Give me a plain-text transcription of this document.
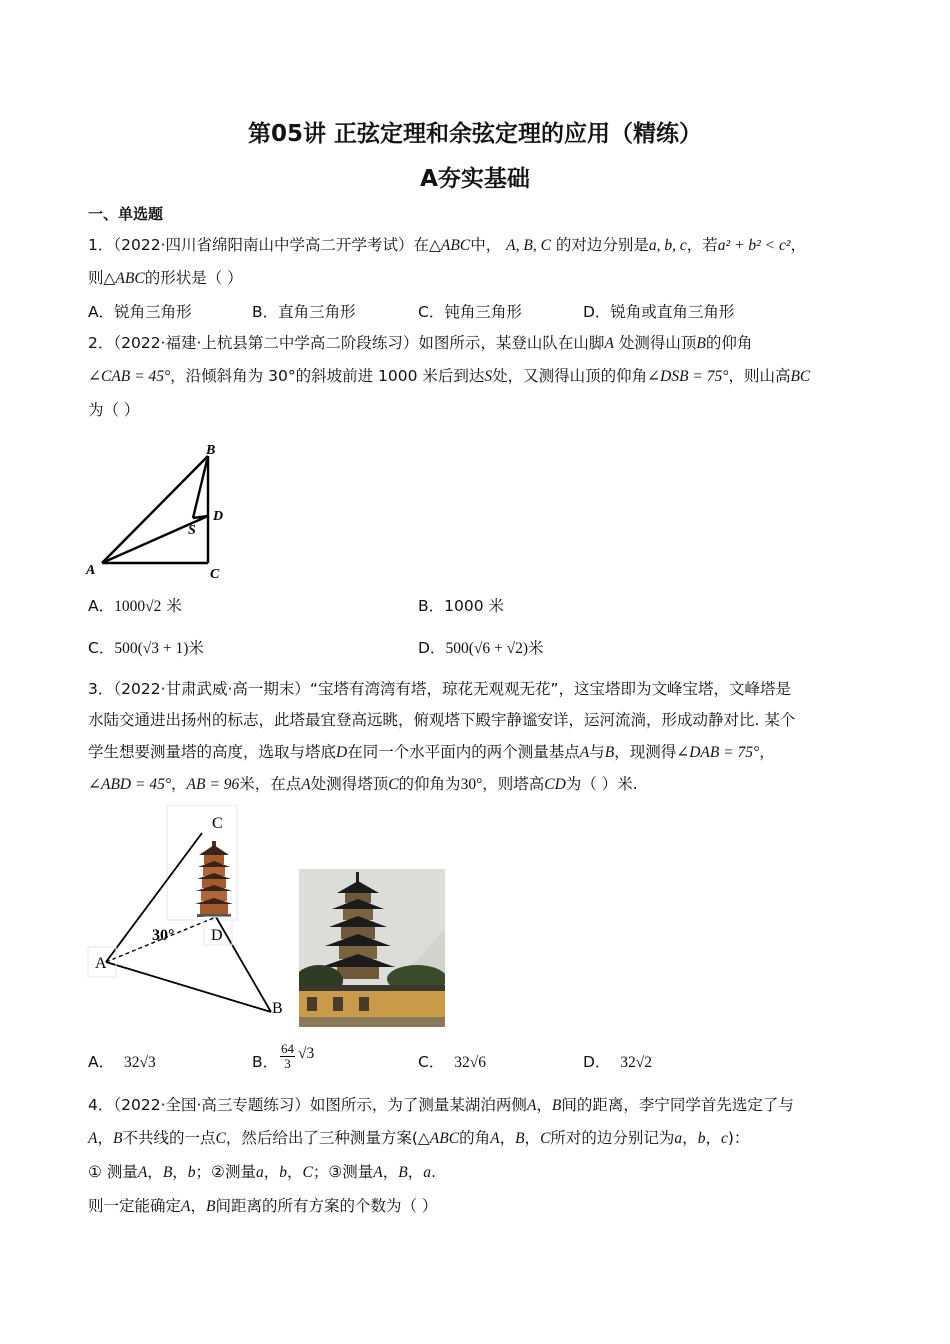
第05讲 正弦定理和余弦定理的应用（精练）
A夯实基础
一、单选题
1．（2022·四川省绵阳南山中学高二开学考试）在△ABC中， A, B, C 的对边分别是a, b, c，若a² + b² < c²，
则△ABC的形状是（ ）
A．锐角三角形	B．直角三角形	C．钝角三角形	D．锐角或直角三角形
2．（2022·福建·上杭县第二中学高二阶段练习）如图所示，某登山队在山脚A 处测得山顶B的仰角
∠CAB = 45°，沿倾斜角为 30°的斜坡前进 1000 米后到达S处，又测得山顶的仰角∠DSB = 75°，则山高BC
为（ ）
B
D
S
A	C
A．1000√2 米	B．1000 米
C．500(√3 + 1)米	D．500(√6 + √2)米
3．（2022·甘肃武威·高一期末）“宝塔有湾湾有塔，琼花无观观无花”，这宝塔即为文峰宝塔，文峰塔是
水陆交通进出扬州的标志，此塔最宜登高远眺，俯观塔下殿宇静谧安详，运河流淌，形成动静对比. 某个
学生想要测量塔的高度，选取与塔底D在同一个水平面内的两个测量基点A与B，现测得∠DAB = 75°，
∠ABD = 45°，AB = 96米，在点A处测得塔顶C的仰角为30°，则塔高CD为（ ）米.
C
D
A
B
30°
A． 32√3	B． $\frac{64}{3} √3$	C． 32√6	D． 32√2
4．（2022·全国·高三专题练习）如图所示，为了测量某湖泊两侧A，B间的距离，李宁同学首先选定了与
A，B不共线的一点C，然后给出了三种测量方案(△ABC的角A，B，C所对的边分别记为a，b，c)：
① 测量A，B，b；②测量a，b，C；③测量A，B，a.
则一定能确定A，B间距离的所有方案的个数为（ ）
